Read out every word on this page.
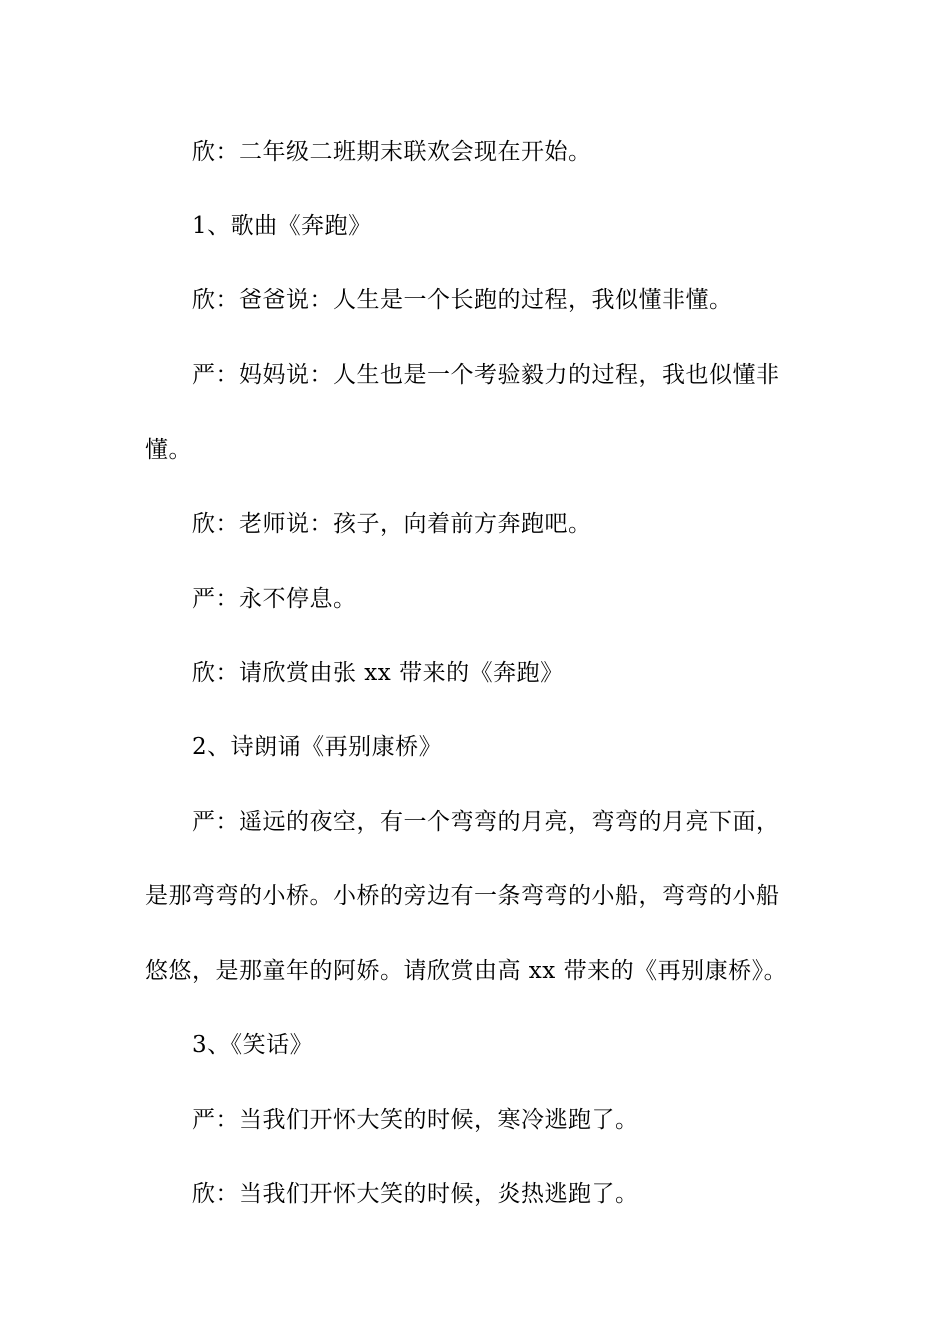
欣：二年级二班期末联欢会现在开始。
1、歌曲《奔跑》
欣：爸爸说：人生是一个长跑的过程，我似懂非懂。
严：妈妈说：人生也是一个考验毅力的过程，我也似懂非
懂。
欣：老师说：孩子，向着前方奔跑吧。
严：永不停息。
欣：请欣赏由张 xx 带来的《奔跑》
2、诗朗诵《再别康桥》
严：遥远的夜空，有一个弯弯的月亮，弯弯的月亮下面，
是那弯弯的小桥。小桥的旁边有一条弯弯的小船，弯弯的小船
悠悠，是那童年的阿娇。请欣赏由高 xx 带来的《再别康桥》。
3、《笑话》
严：当我们开怀大笑的时候，寒冷逃跑了。
欣：当我们开怀大笑的时候，炎热逃跑了。
